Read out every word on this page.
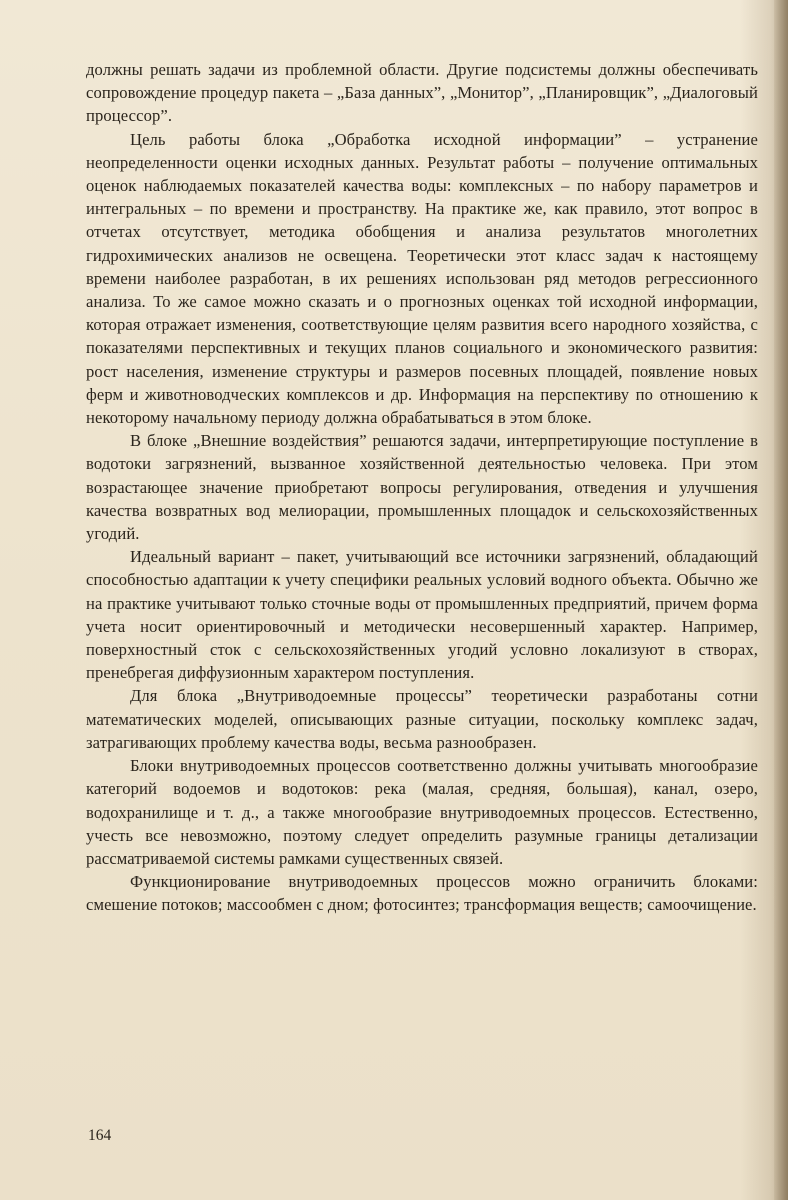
должны решать задачи из проблемной области. Другие подсистемы должны обеспечивать сопровождение процедур пакета – „База данных”, „Монитор”, „Планировщик”, „Диалоговый процессор”.

Цель работы блока „Обработка исходной информации” – устранение неопределенности оценки исходных данных. Результат работы – получение оптимальных оценок наблюдаемых показателей качества воды: комплексных – по набору параметров и интегральных – по времени и пространству. На практике же, как правило, этот вопрос в отчетах отсутствует, методика обобщения и анализа результатов многолетних гидрохимических анализов не освещена. Теоретически этот класс задач к настоящему времени наиболее разработан, в их решениях использован ряд методов регрессионного анализа. То же самое можно сказать и о прогнозных оценках той исходной информации, которая отражает изменения, соответствующие целям развития всего народного хозяйства, с показателями перспективных и текущих планов социального и экономического развития: рост населения, изменение структуры и размеров посевных площадей, появление новых ферм и животноводческих комплексов и др. Информация на перспективу по отношению к некоторому начальному периоду должна обрабатываться в этом блоке.

В блоке „Внешние воздействия” решаются задачи, интерпретирующие поступление в водотоки загрязнений, вызванное хозяйственной деятельностью человека. При этом возрастающее значение приобретают вопросы регулирования, отведения и улучшения качества возвратных вод мелиорации, промышленных площадок и сельскохозяйственных угодий.

Идеальный вариант – пакет, учитывающий все источники загрязнений, обладающий способностью адаптации к учету специфики реальных условий водного объекта. Обычно же на практике учитывают только сточные воды от промышленных предприятий, причем форма учета носит ориентировочный и методически несовершенный характер. Например, поверхностный сток с сельскохозяйственных угодий условно локализуют в створах, пренебрегая диффузионным характером поступления.

Для блока „Внутриводоемные процессы” теоретически разработаны сотни математических моделей, описывающих разные ситуации, поскольку комплекс задач, затрагивающих проблему качества воды, весьма разнообразен.

Блоки внутриводоемных процессов соответственно должны учитывать многообразие категорий водоемов и водотоков: река (малая, средняя, большая), канал, озеро, водохранилище и т. д., а также многообразие внутриводоемных процессов. Естественно, учесть все невозможно, поэтому следует определить разумные границы детализации рассматриваемой системы рамками существенных связей.

Функционирование внутриводоемных процессов можно ограничить блоками: смешение потоков; массообмен с дном; фотосинтез; трансформация веществ; самоочищение.

164
